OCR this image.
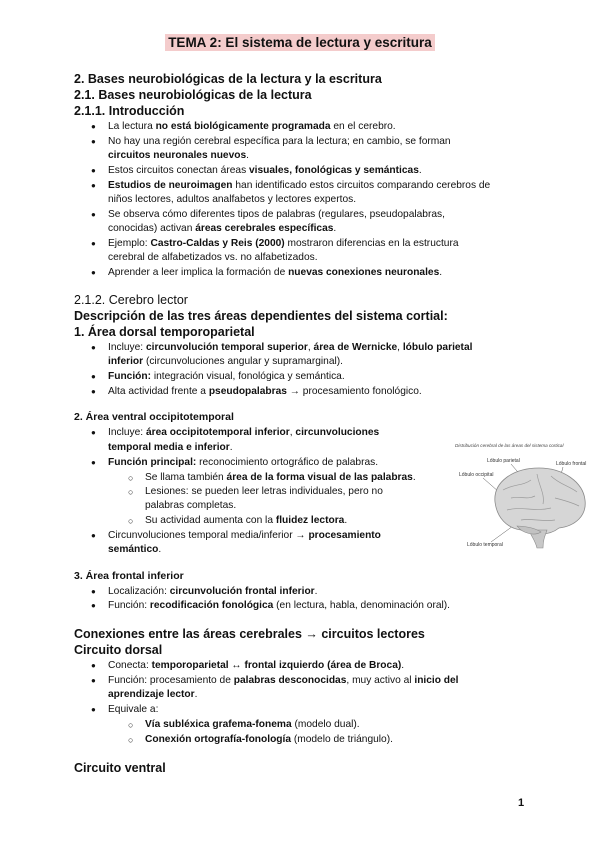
TEMA 2: El sistema de lectura y escritura
2. Bases neurobiológicas de la lectura y la escritura
2.1. Bases neurobiológicas de la lectura
2.1.1. Introducción
● La lectura no está biológicamente programada en el cerebro.
● No hay una región cerebral específica para la lectura; en cambio, se forman
circuitos neuronales nuevos.
● Estos circuitos conectan áreas visuales, fonológicas y semánticas.
● Estudios de neuroimagen han identificado estos circuitos comparando cerebros de
niños lectores, adultos analfabetos y lectores expertos.
● Se observa cómo diferentes tipos de palabras (regulares, pseudopalabras,
conocidas) activan áreas cerebrales específicas.
● Ejemplo: Castro-Caldas y Reis (2000) mostraron diferencias en la estructura
cerebral de alfabetizados vs. no alfabetizados.
● Aprender a leer implica la formación de nuevas conexiones neuronales.
2.1.2. Cerebro lector
Descripción de las tres áreas dependientes del sistema cortial:
1. Área dorsal temporoparietal
● Incluye: circunvolución temporal superior, área de Wernicke, lóbulo parietal
inferior (circunvoluciones angular y supramarginal).
● Función: integración visual, fonológica y semántica.
● Alta actividad frente a pseudopalabras → procesamiento fonológico.
2. Área ventral occipitotemporal
● Incluye: área occipitotemporal inferior, circunvoluciones
temporal media e inferior.
● Función principal: reconocimiento ortográfico de palabras.
○ Se llama también área de la forma visual de las palabras.
○ Lesiones: se pueden leer letras individuales, pero no
palabras completas.
○ Su actividad aumenta con la fluidez lectora.
● Circunvoluciones temporal media/inferior → procesamiento
semántico.
Distribución cerebral de las áreas del sistema cortical
Lóbulo parietal	Lóbulo frontal
Lóbulo occipital
Lóbulo temporal
3. Área frontal inferior
● Localización: circunvolución frontal inferior.
● Función: recodificación fonológica (en lectura, habla, denominación oral).
Conexiones entre las áreas cerebrales → circuitos lectores
Circuito dorsal
● Conecta: temporoparietal ↔ frontal izquierdo (área de Broca).
● Función: procesamiento de palabras desconocidas, muy activo al inicio del
aprendizaje lector.
● Equivale a:
○ Vía subléxica grafema-fonema (modelo dual).
○ Conexión ortografía-fonología (modelo de triángulo).
Circuito ventral
1
